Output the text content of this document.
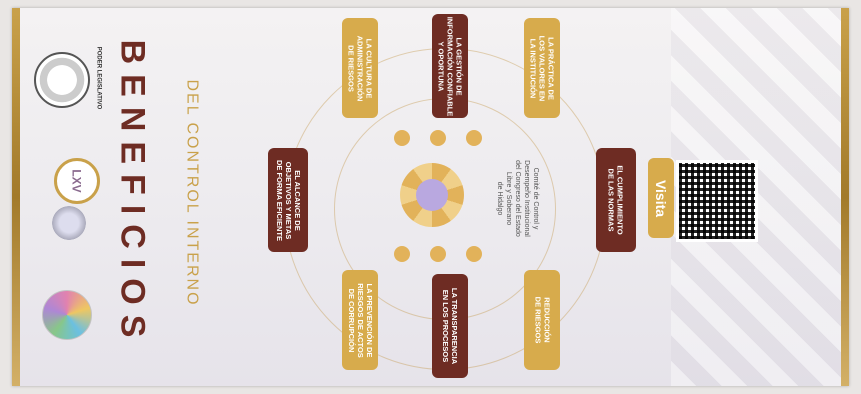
PODER LEGISLATIVO
LXV BENEFICIOS DEL CONTROL INTERNO	Comité de Control y
Desempeño Institucional
del Congreso del Estado
Libre y Soberano
de Hidalgo
LA PREVENCIÓN DE
RIESGOS DE ACTOS
DE CORRUPCIÓN
LA TRANSPARENCIA
EN LOS PROCESOS	REDUCCIÓN
DE RIESGOS
EL ALCANCE DE
OBJETIVOS Y METAS
DE FORMA EFICIENTE
LA CULTURA DE
ADMINISTRACIÓN
DE RIESGOS
LA GESTIÓN DE
INFORMACIÓN CONFIABLE
Y OPORTUNA
LA PRÁCTICA DE
LOS VALORES EN
LA INSTITUCIÓN
EL CUMPLIMIENTO
DE LAS NORMAS	Visita
